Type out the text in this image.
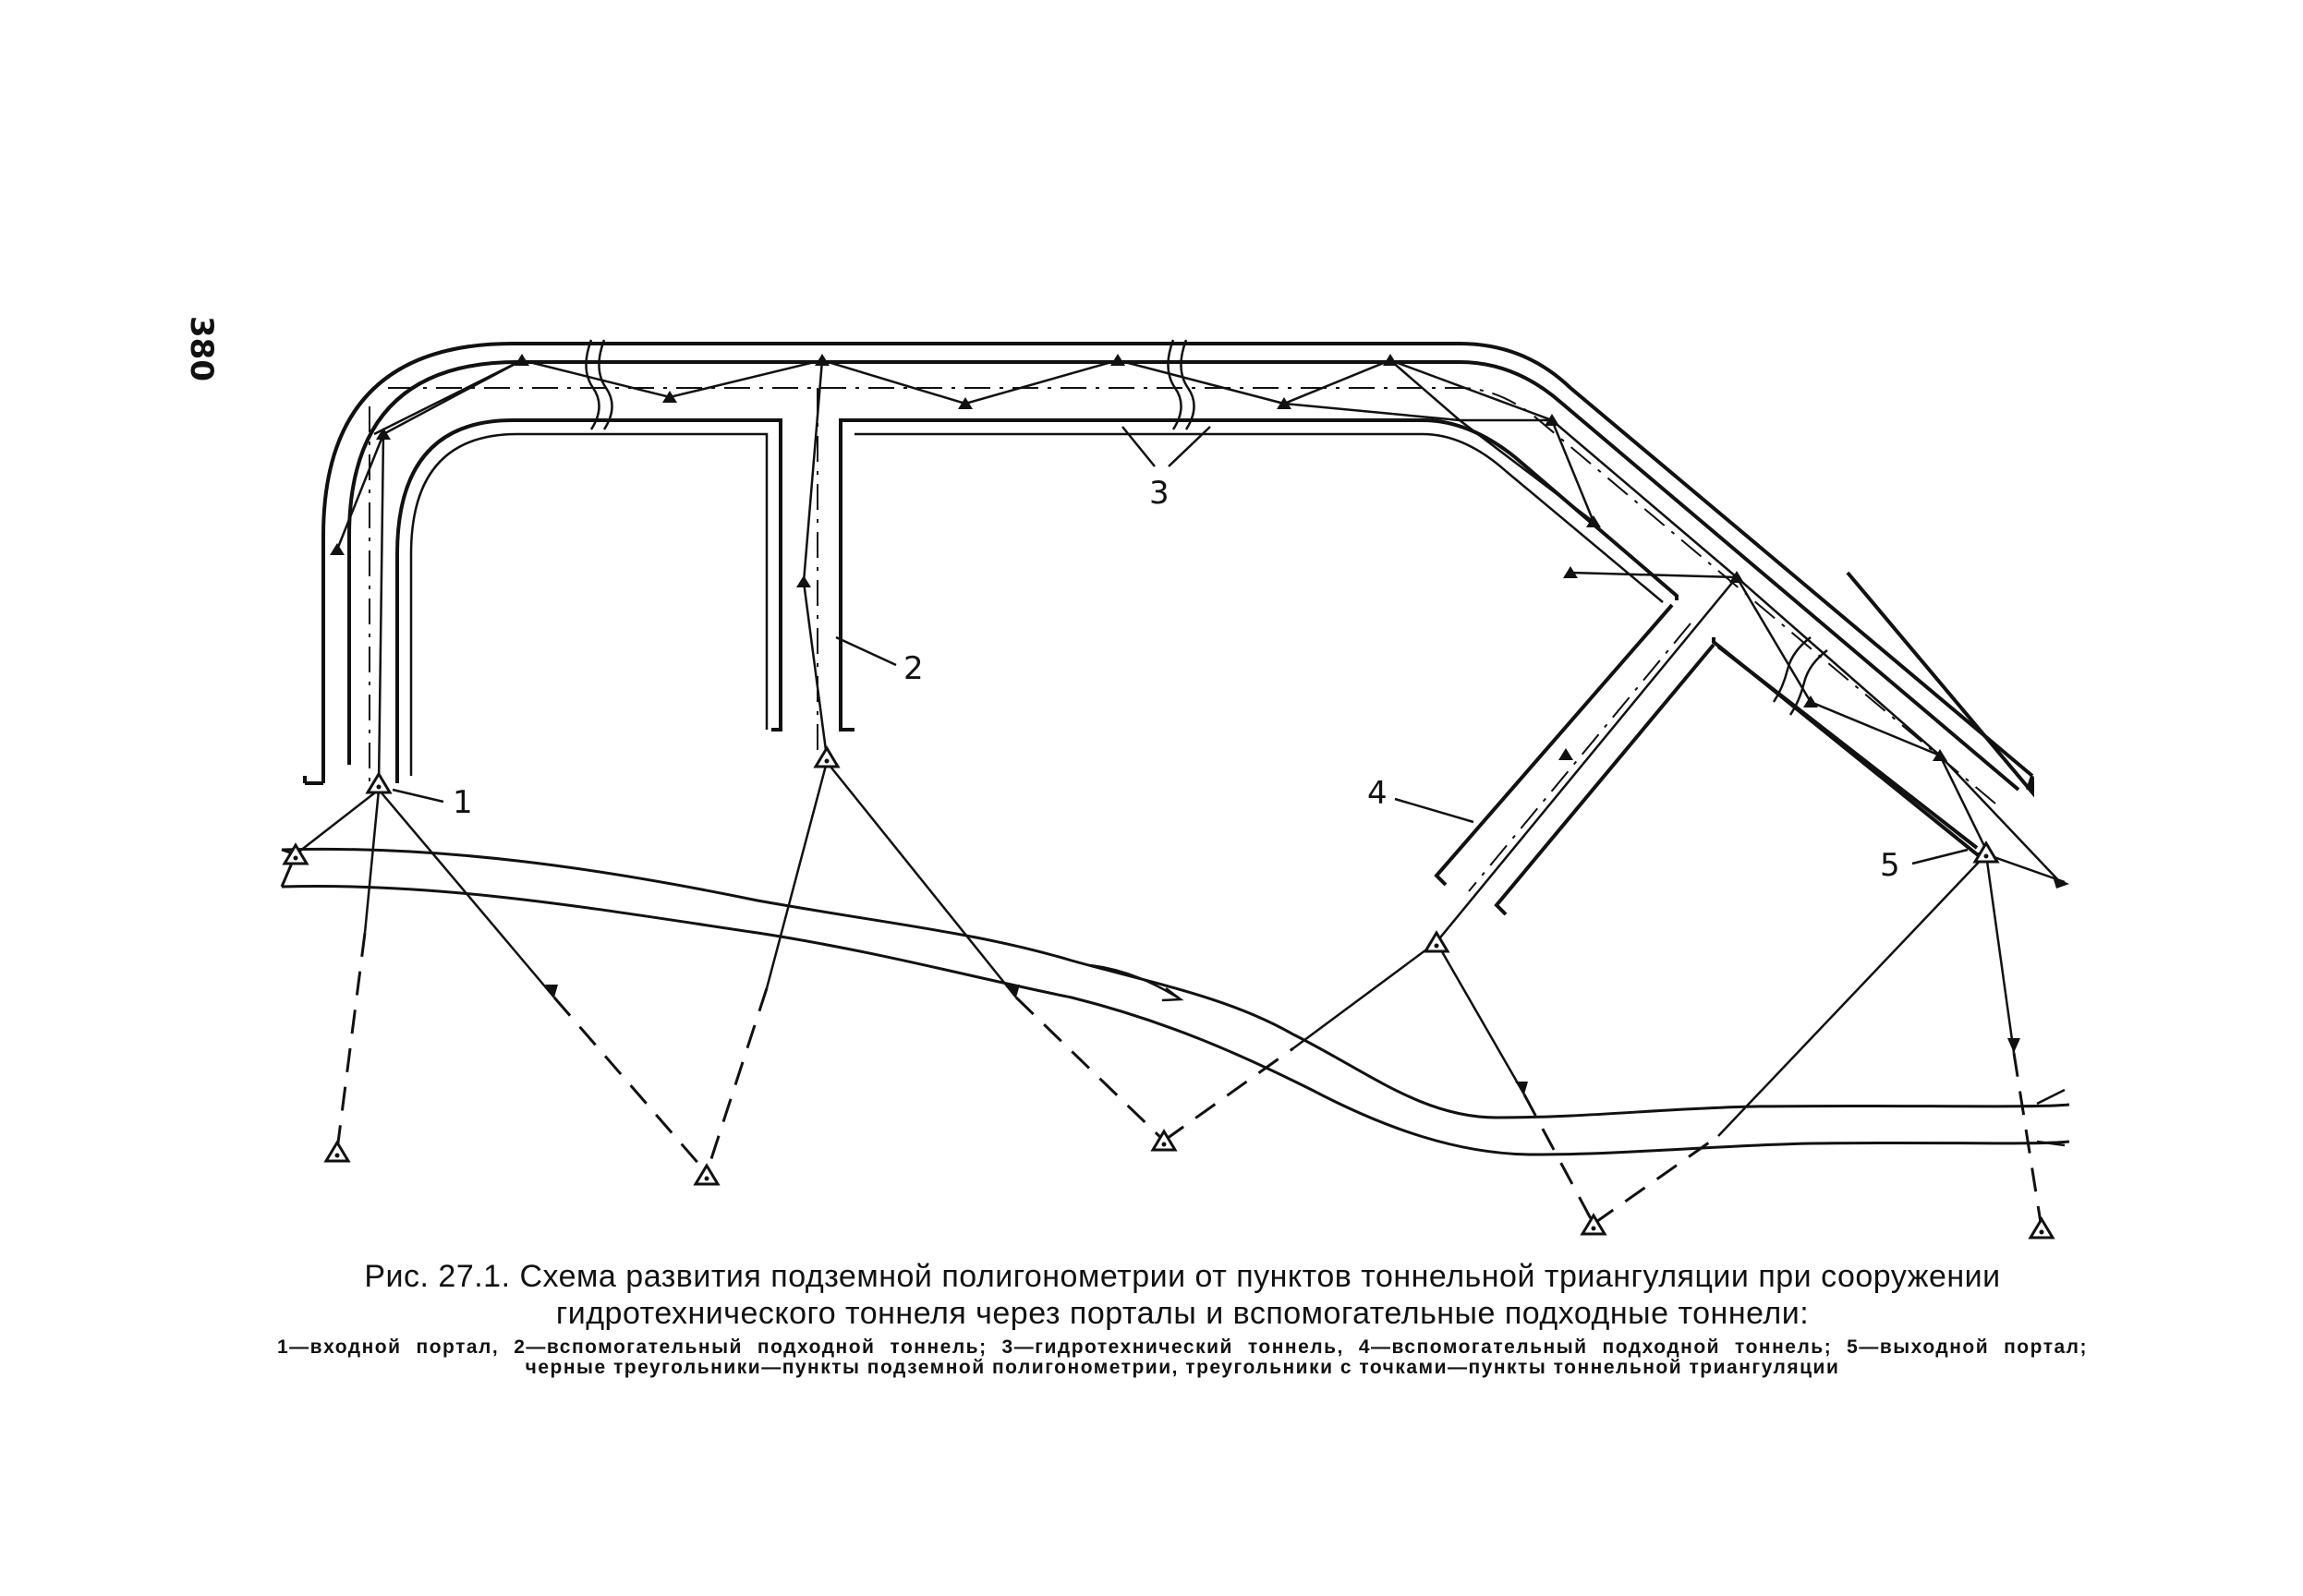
380
1
2
3
4
5
Рис. 27.1. Схема развития подземной полигонометрии от пунктов тоннельной триангуляции при сооружении гидротехнического тоннеля через порталы и вспомогательные подходные тоннели:
1—входной портал, 2—вспомогательный подходной тоннель; 3—гидротехнический тоннель, 4—вспомогательный подходной тоннель; 5—выходной портал; черные треугольники—пункты подземной полигонометрии, треугольники с точками—пункты тоннельной триангуляции
